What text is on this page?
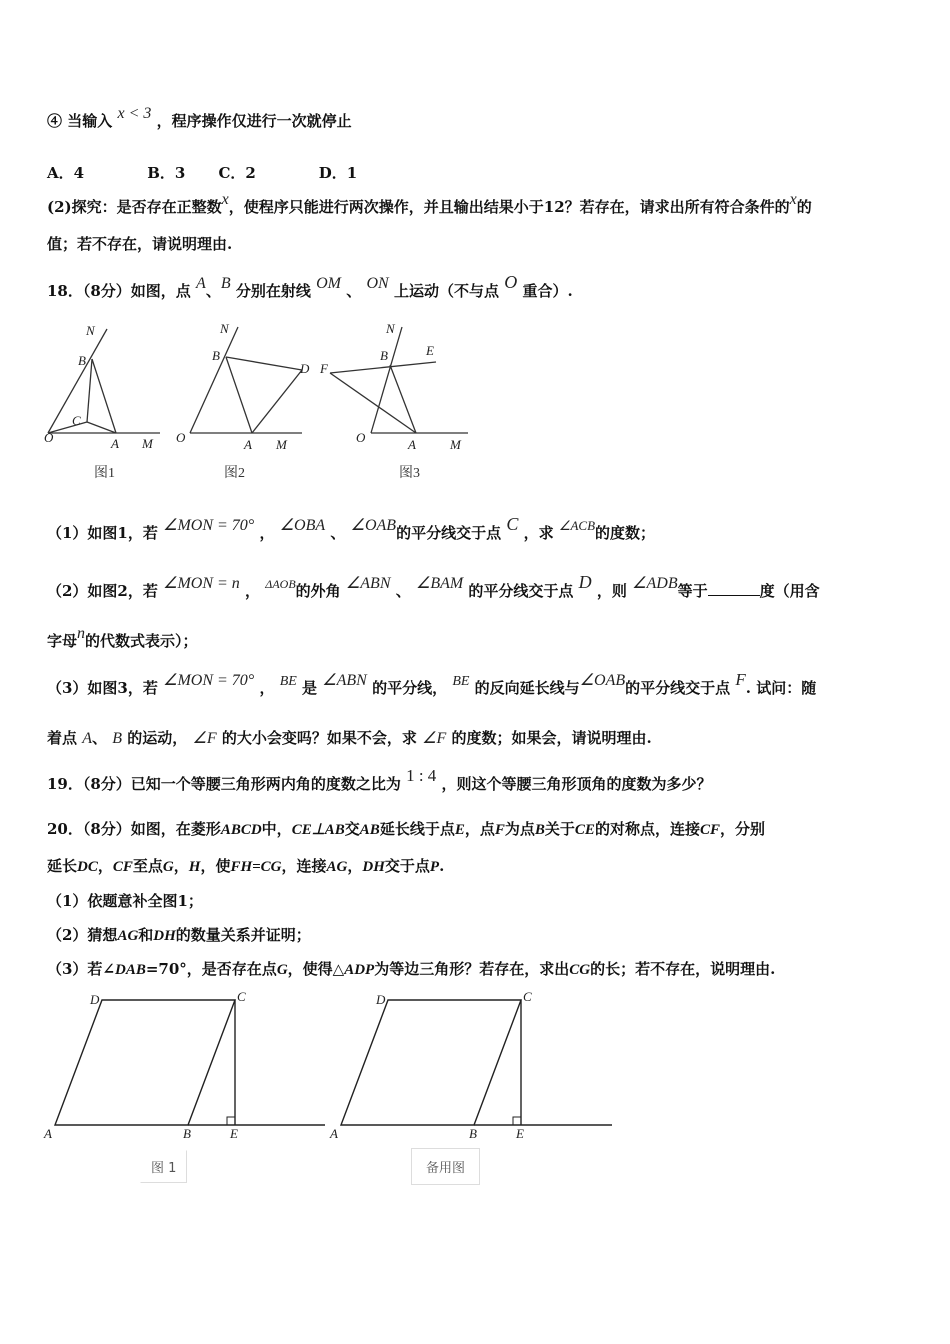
④ 当输入 x < 3 ，程序操作仅进行一次就停止
A．4	B．3 C．2	D．1
(2)探究：是否存在正整数x，使程序只能进行两次操作，并且输出结果小于12？若存在，请求出所有符合条件的x的
值；若不存在，请说明理由.
18．（8分）如图，点 A、B 分别在射线 OM 、 ON 上运动（不与点 O 重合）.
N
B
C
O	A M
图1
N
B
D
O	A M
图2
N
B	E
F
O	A	M
图3
（1）如图1，若 ∠MON = 70° ， ∠OBA 、 ∠OAB的平分线交于点 C ，求 ∠ACB的度数；
（2）如图2，若 ∠MON = n ， $^{\Delta AOB}$的外角 ∠ABN 、 ∠BAM 的平分线交于点 D ，则 ∠ADB等于	度（用含
字母n的代数式表示）；
（3）如图3，若 ∠MON = 70° ， BE 是 ∠ABN 的平分线， BE 的反向延长线与∠OAB的平分线交于点 F. 试问：随
着点 A、 B 的运动， ∠F 的大小会变吗？如果不会，求 ∠F 的度数；如果会，请说明理由.
19．（8分）已知一个等腰三角形两内角的度数之比为 1 : 4 ，则这个等腰三角形顶角的度数为多少？
20．（8分）如图，在菱形ABCD中，CE⊥AB交AB延长线于点E，点F为点B关于CE的对称点，连接CF，分别
延长DC，CF至点G，H，使FH=CG，连接AG，DH交于点P.
（1）依题意补全图1；
（2）猜想AG和DH的数量关系并证明；
（3）若∠DAB=70°，是否存在点G，使得△ADP为等边三角形？若存在，求出CG的长；若不存在，说明理由.
D	C
A	B	E
D	C
A	B	E
图 1	备用图
